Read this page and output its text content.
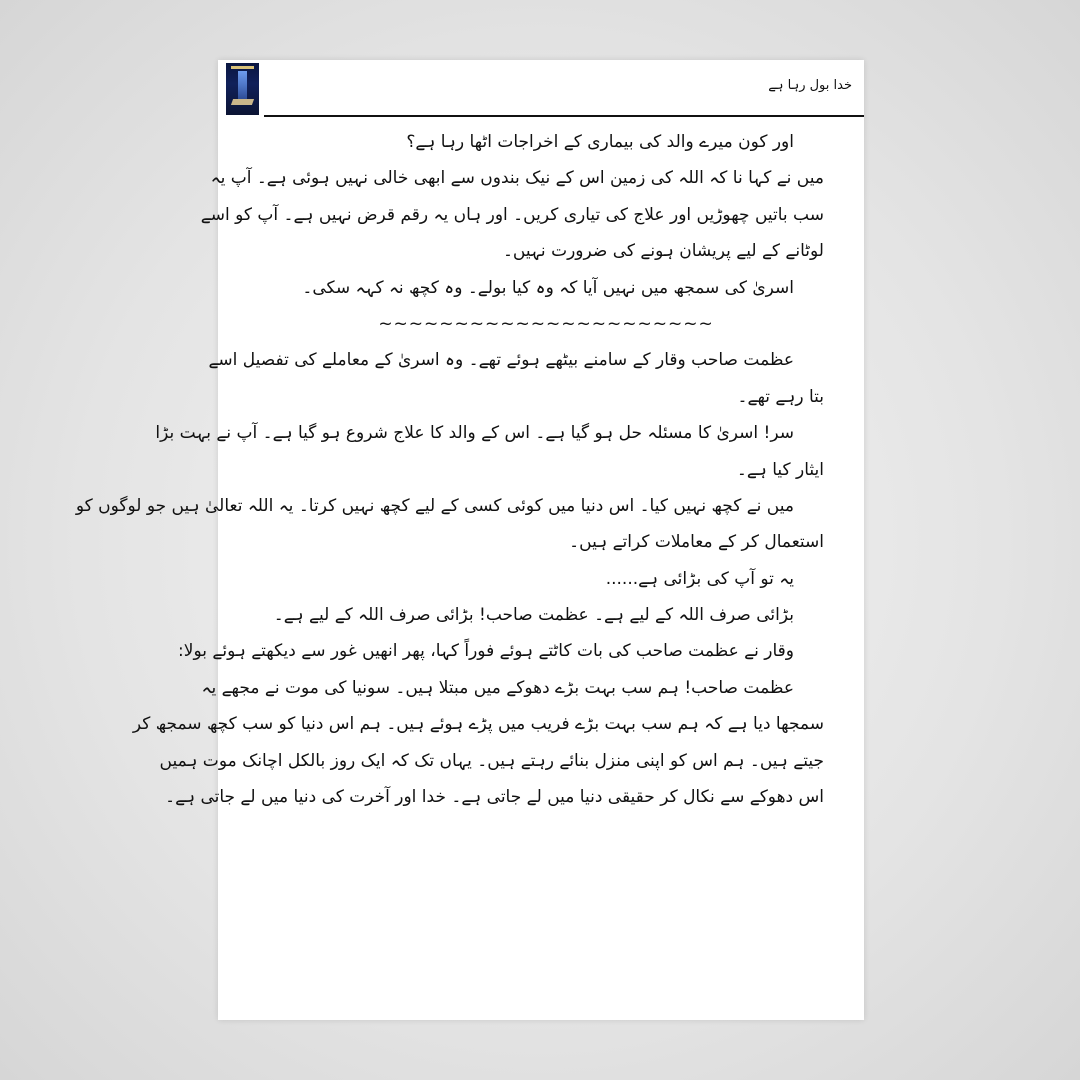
خدا بول رہا ہے
اور کون میرے والد کی بیماری کے اخراجات اٹھا رہا ہے؟
میں نے کہا نا کہ اللہ کی زمین اس کے نیک بندوں سے ابھی خالی نہیں ہوئی ہے۔ آپ یہ
سب باتیں چھوڑیں اور علاج کی تیاری کریں۔ اور ہاں یہ رقم قرض نہیں ہے۔ آپ کو اسے
لوٹانے کے لیے پریشان ہونے کی ضرورت نہیں۔
اسریٰ کی سمجھ میں نہیں آیا کہ وہ کیا بولے۔ وہ کچھ نہ کہہ سکی۔
~~~~~~~~~~~~~~~~~~~~~~
عظمت صاحب وقار کے سامنے بیٹھے ہوئے تھے۔ وہ اسریٰ کے معاملے کی تفصیل اسے
بتا رہے تھے۔
سر! اسریٰ کا مسئلہ حل ہو گیا ہے۔ اس کے والد کا علاج شروع ہو گیا ہے۔ آپ نے بہت بڑا
ایثار کیا ہے۔
میں نے کچھ نہیں کیا۔ اس دنیا میں کوئی کسی کے لیے کچھ نہیں کرتا۔ یہ اللہ تعالیٰ ہیں جو لوگوں کو
استعمال کر کے معاملات کراتے ہیں۔
یہ تو آپ کی بڑائی ہے......
بڑائی صرف اللہ کے لیے ہے۔ عظمت صاحب! بڑائی صرف اللہ کے لیے ہے۔
وقار نے عظمت صاحب کی بات کاٹتے ہوئے فوراً کہا، پھر انھیں غور سے دیکھتے ہوئے بولا:
عظمت صاحب! ہم سب بہت بڑے دھوکے میں مبتلا ہیں۔ سونیا کی موت نے مجھے یہ
سمجھا دیا ہے کہ ہم سب بہت بڑے فریب میں پڑے ہوئے ہیں۔ ہم اس دنیا کو سب کچھ سمجھ کر
جیتے ہیں۔ ہم اس کو اپنی منزل بنائے رہتے ہیں۔ یہاں تک کہ ایک روز بالکل اچانک موت ہمیں
اس دھوکے سے نکال کر حقیقی دنیا میں لے جاتی ہے۔ خدا اور آخرت کی دنیا میں لے جاتی ہے۔
